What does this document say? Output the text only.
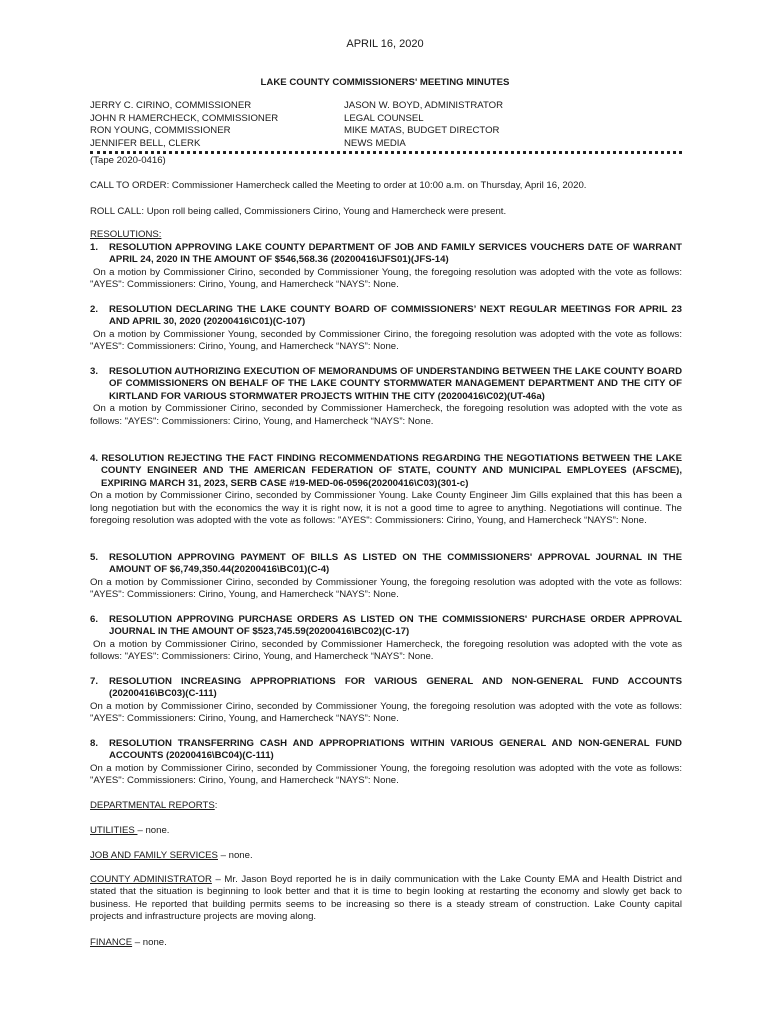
APRIL 16, 2020
LAKE COUNTY COMMISSIONERS' MEETING MINUTES
JERRY C. CIRINO, COMMISSIONER
JOHN R HAMERCHECK, COMMISSIONER
RON YOUNG, COMMISSIONER
JENNIFER BELL, CLERK
JASON W. BOYD, ADMINISTRATOR
LEGAL COUNSEL
MIKE MATAS, BUDGET DIRECTOR
NEWS MEDIA
(Tape 2020-0416)
CALL TO ORDER: Commissioner Hamercheck called the Meeting to order at 10:00 a.m. on Thursday, April 16, 2020.
ROLL CALL: Upon roll being called, Commissioners Cirino, Young and Hamercheck were present.
RESOLUTIONS:
1. RESOLUTION APPROVING LAKE COUNTY DEPARTMENT OF JOB AND FAMILY SERVICES VOUCHERS DATE OF WARRANT APRIL 24, 2020 IN THE AMOUNT OF $546,568.36 (20200416\JFS01)(JFS-14)
On a motion by Commissioner Cirino, seconded by Commissioner Young, the foregoing resolution was adopted with the vote as follows: "AYES": Commissioners: Cirino, Young, and Hamercheck “NAYS”: None.
2. RESOLUTION DECLARING THE LAKE COUNTY BOARD OF COMMISSIONERS’ NEXT REGULAR MEETINGS FOR APRIL 23 AND APRIL 30, 2020 (20200416\C01)(C-107)
On a motion by Commissioner Young, seconded by Commissioner Cirino, the foregoing resolution was adopted with the vote as follows: "AYES": Commissioners: Cirino, Young, and Hamercheck “NAYS”: None.
3. RESOLUTION AUTHORIZING EXECUTION OF MEMORANDUMS OF UNDERSTANDING BETWEEN THE LAKE COUNTY BOARD OF COMMISSIONERS ON BEHALF OF THE LAKE COUNTY STORMWATER MANAGEMENT DEPARTMENT AND THE CITY OF KIRTLAND FOR VARIOUS STORMWATER PROJECTS WITHIN THE CITY (20200416\C02)(UT-46a)
On a motion by Commissioner Cirino, seconded by Commissioner Hamercheck, the foregoing resolution was adopted with the vote as follows: "AYES": Commissioners: Cirino, Young, and Hamercheck “NAYS”: None.
4. RESOLUTION REJECTING THE FACT FINDING RECOMMENDATIONS REGARDING THE NEGOTIATIONS BETWEEN THE LAKE COUNTY ENGINEER AND THE AMERICAN FEDERATION OF STATE, COUNTY AND MUNICIPAL EMPLOYEES (AFSCME), EXPIRING MARCH 31, 2023, SERB CASE #19-MED-06-0596(20200416\C03)(301-c)
On a motion by Commissioner Cirino, seconded by Commissioner Young. Lake County Engineer Jim Gills explained that this has been a long negotiation but with the economics the way it is right now, it is not a good time to agree to anything. Negotiations will continue. The foregoing resolution was adopted with the vote as follows: "AYES": Commissioners: Cirino, Young, and Hamercheck “NAYS”: None.
5. RESOLUTION APPROVING PAYMENT OF BILLS AS LISTED ON THE COMMISSIONERS' APPROVAL JOURNAL IN THE AMOUNT OF $6,749,350.44(20200416\BC01)(C-4)
On a motion by Commissioner Cirino, seconded by Commissioner Young, the foregoing resolution was adopted with the vote as follows: "AYES": Commissioners: Cirino, Young, and Hamercheck “NAYS”: None.
6. RESOLUTION APPROVING PURCHASE ORDERS AS LISTED ON THE COMMISSIONERS' PURCHASE ORDER APPROVAL JOURNAL IN THE AMOUNT OF $523,745.59(20200416\BC02)(C-17)
On a motion by Commissioner Cirino, seconded by Commissioner Hamercheck, the foregoing resolution was adopted with the vote as follows: "AYES": Commissioners: Cirino, Young, and Hamercheck “NAYS”: None.
7. RESOLUTION INCREASING APPROPRIATIONS FOR VARIOUS GENERAL AND NON-GENERAL FUND ACCOUNTS (20200416\BC03)(C-111)
On a motion by Commissioner Cirino, seconded by Commissioner Young, the foregoing resolution was adopted with the vote as follows: "AYES": Commissioners: Cirino, Young, and Hamercheck “NAYS”: None.
8. RESOLUTION TRANSFERRING CASH AND APPROPRIATIONS WITHIN VARIOUS GENERAL AND NON-GENERAL FUND ACCOUNTS (20200416\BC04)(C-111)
On a motion by Commissioner Cirino, seconded by Commissioner Young, the foregoing resolution was adopted with the vote as follows: "AYES": Commissioners: Cirino, Young, and Hamercheck “NAYS”: None.
DEPARTMENTAL REPORTS:
UTILITIES – none.
JOB AND FAMILY SERVICES – none.
COUNTY ADMINISTRATOR – Mr. Jason Boyd reported he is in daily communication with the Lake County EMA and Health District and stated that the situation is beginning to look better and that it is time to begin looking at restarting the economy and slowly get back to business. He reported that building permits seems to be increasing so there is a steady stream of construction. Lake County capital projects and infrastructure projects are moving along.
FINANCE – none.
